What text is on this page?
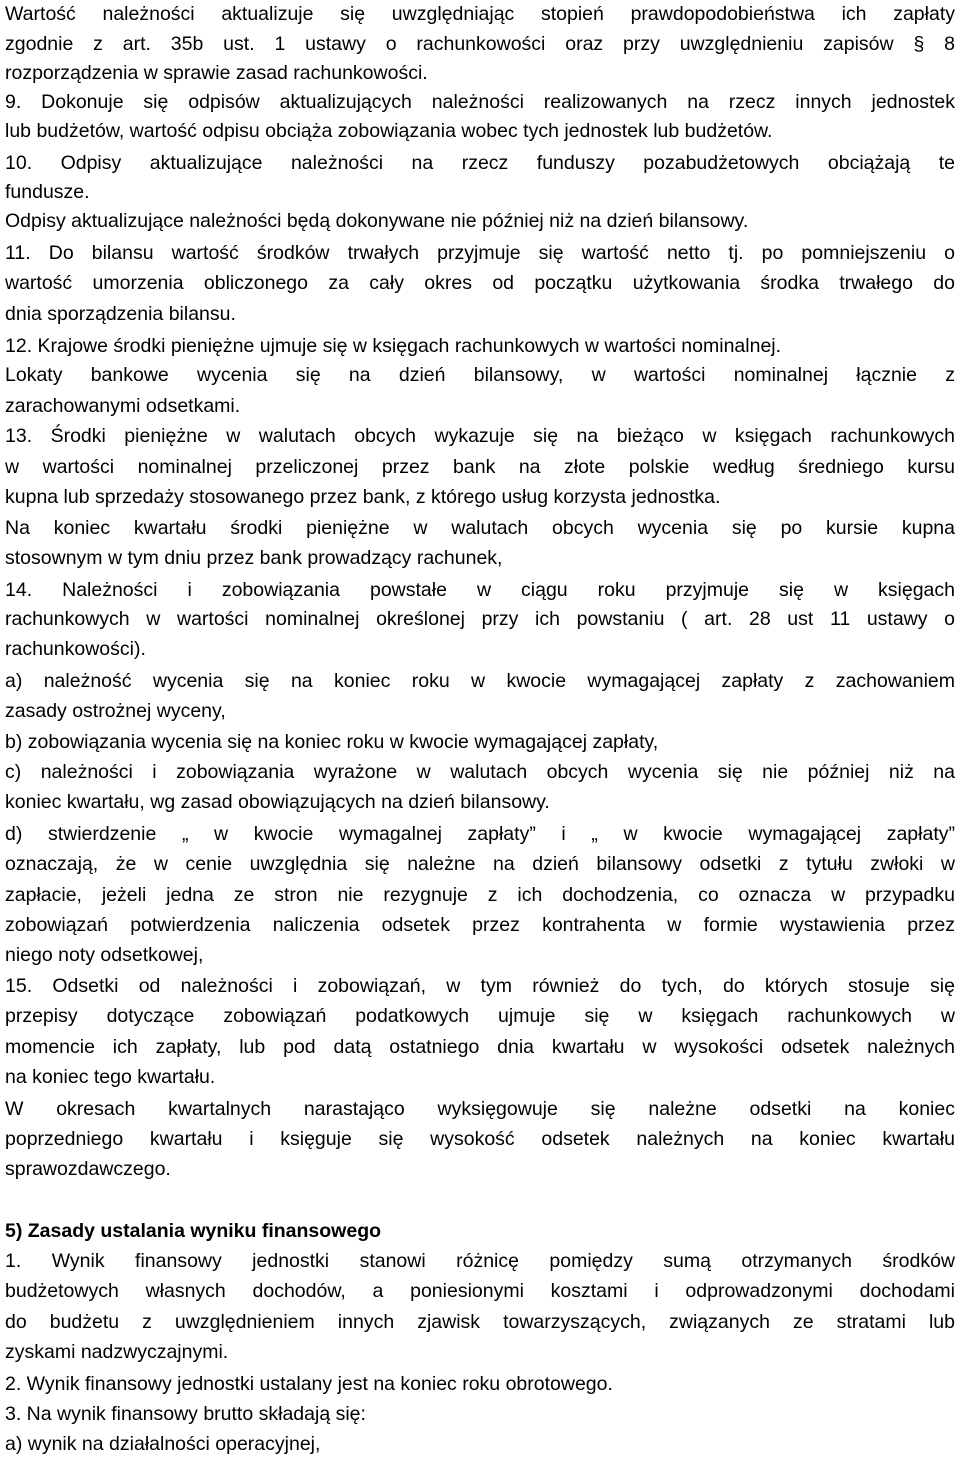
Wartość należności aktualizuje się uwzględniając stopień prawdopodobieństwa ich zapłaty
zgodnie z art. 35b ust. 1 ustawy o rachunkowości oraz przy uwzględnieniu zapisów § 8
rozporządzenia w sprawie zasad rachunkowości.
9. Dokonuje się odpisów aktualizujących należności realizowanych na rzecz innych jednostek
lub budżetów, wartość odpisu obciąża zobowiązania wobec tych jednostek lub budżetów.
10. Odpisy aktualizujące należności na rzecz funduszy pozabudżetowych obciążają te
fundusze.
Odpisy aktualizujące należności będą dokonywane nie później niż na dzień bilansowy.
11. Do bilansu wartość środków trwałych przyjmuje się wartość netto tj. po pomniejszeniu o
wartość umorzenia obliczonego za cały okres od początku użytkowania środka trwałego do
dnia sporządzenia bilansu.
12. Krajowe środki pieniężne ujmuje się w księgach rachunkowych w wartości nominalnej.
Lokaty bankowe wycenia się na dzień bilansowy, w wartości nominalnej łącznie z
zarachowanymi odsetkami.
13. Środki pieniężne w walutach obcych wykazuje się na bieżąco w księgach rachunkowych
w wartości nominalnej przeliczonej przez bank na złote polskie według średniego kursu
kupna lub sprzedaży stosowanego przez bank, z którego usług korzysta jednostka.
Na koniec kwartału środki pieniężne w walutach obcych wycenia się po kursie kupna
stosownym w tym dniu przez bank prowadzący rachunek,
14. Należności i zobowiązania powstałe w ciągu roku przyjmuje się w księgach
rachunkowych w wartości nominalnej określonej przy ich powstaniu ( art. 28 ust 11 ustawy o
rachunkowości).
a) należność wycenia się na koniec roku w kwocie wymagającej zapłaty z zachowaniem
zasady ostrożnej wyceny,
b) zobowiązania wycenia się na koniec roku w kwocie wymagającej zapłaty,
c) należności i zobowiązania wyrażone w walutach obcych wycenia się nie później niż na
koniec kwartału, wg zasad obowiązujących na dzień bilansowy.
d) stwierdzenie „ w kwocie wymagalnej zapłaty” i „ w kwocie wymagającej zapłaty”
oznaczają, że w cenie uwzględnia się należne na dzień bilansowy odsetki z tytułu zwłoki w
zapłacie, jeżeli jedna ze stron nie rezygnuje z ich dochodzenia, co oznacza w przypadku
zobowiązań potwierdzenia naliczenia odsetek przez kontrahenta w formie wystawienia przez
niego noty odsetkowej,
15. Odsetki od należności i zobowiązań, w tym również do tych, do których stosuje się
przepisy dotyczące zobowiązań podatkowych ujmuje się w księgach rachunkowych w
momencie ich zapłaty, lub pod datą ostatniego dnia kwartału w wysokości odsetek należnych
na koniec tego kwartału.
W okresach kwartalnych narastająco wyksięgowuje się należne odsetki na koniec
poprzedniego kwartału i księguje się wysokość odsetek należnych na koniec kwartału
sprawozdawczego.
5) Zasady ustalania wyniku finansowego
1. Wynik finansowy jednostki stanowi różnicę pomiędzy sumą otrzymanych środków
budżetowych własnych dochodów, a poniesionymi kosztami i odprowadzonymi dochodami
do budżetu z uwzględnieniem innych zjawisk towarzyszących, związanych ze stratami lub
zyskami nadzwyczajnymi.
2. Wynik finansowy jednostki ustalany jest na koniec roku obrotowego.
3. Na wynik finansowy brutto składają się:
a) wynik na działalności operacyjnej,
